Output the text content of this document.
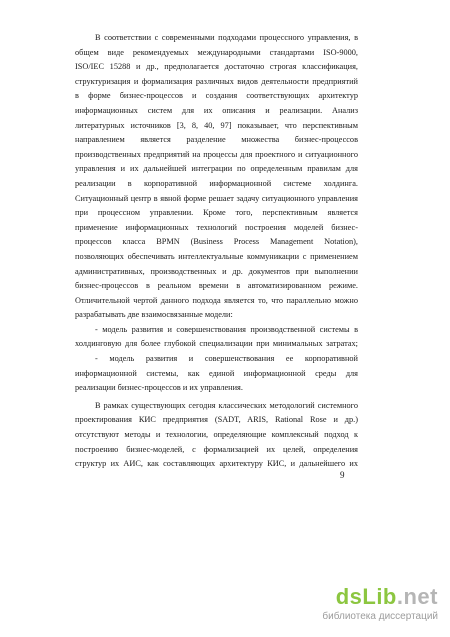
В соответствии с современными подходами процессного управления, в
общем виде рекомендуемых международными стандартами ISO-9000,
ISO/IEC 15288 и др., предполагается достаточно строгая классификация,
структуризация и формализация различных видов деятельности предприятий
в форме бизнес-процессов и создания соответствующих архитектур
информационных систем для их описания и реализации. Анализ
литературных источников [3, 8, 40, 97] показывает, что перспективным
направлением является разделение множества бизнес-процессов
производственных предприятий на процессы для проектного и ситуационного
управления и их дальнейшей интеграции по определенным правилам для
реализации в корпоративной информационной системе холдинга.
Ситуационный центр в явной форме решает задачу ситуационного управления
при процессном управлении. Кроме того, перспективным является
применение информационных технологий построения моделей бизнес-
процессов класса BPMN (Business Process Management Notation),
позволяющих обеспечивать интеллектуальные коммуникации с применением
административных, производственных и др. документов при выполнении
бизнес-процессов в реальном времени в автоматизированном режиме.
Отличительной чертой данного подхода является то, что параллельно можно
разрабатывать две взаимосвязанные модели:
- модель развития и совершенствования производственной системы в
холдинговую для более глубокой специализации при минимальных затратах;
- модель развития и совершенствования ее корпоративной
информационной системы, как единой информационной среды для
реализации бизнес-процессов и их управления.
В рамках существующих сегодня классических методологий системного
проектирования КИС предприятия (SADT, ARIS, Rational Rose и др.)
отсутствуют методы и технологии, определяющие комплексный подход к
построению бизнес-моделей, с формализацией их целей, определения
структур их АИС, как составляющих архитектуру КИС, и дальнейшего их
9
dsLib.net
библиотека диссертаций
